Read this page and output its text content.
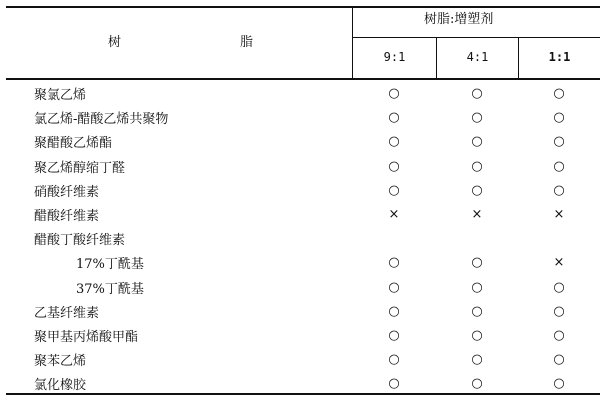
树	脂
树脂:增塑剂
9:1	4:1	1:1
聚氯乙烯	○	○	○
氯乙烯-醋酸乙烯共聚物	○	○	○
聚醋酸乙烯酯	○	○	○
聚乙烯醇缩丁醛	○	○	○
硝酸纤维素	○	○	○
醋酸纤维素	×	×	×
醋酸丁酸纤维素
17%丁酰基	○	○	×
37%丁酰基	○	○	○
乙基纤维素	○	○	○
聚甲基丙烯酸甲酯	○	○	○
聚苯乙烯	○	○	○
氯化橡胶	○	○	○
